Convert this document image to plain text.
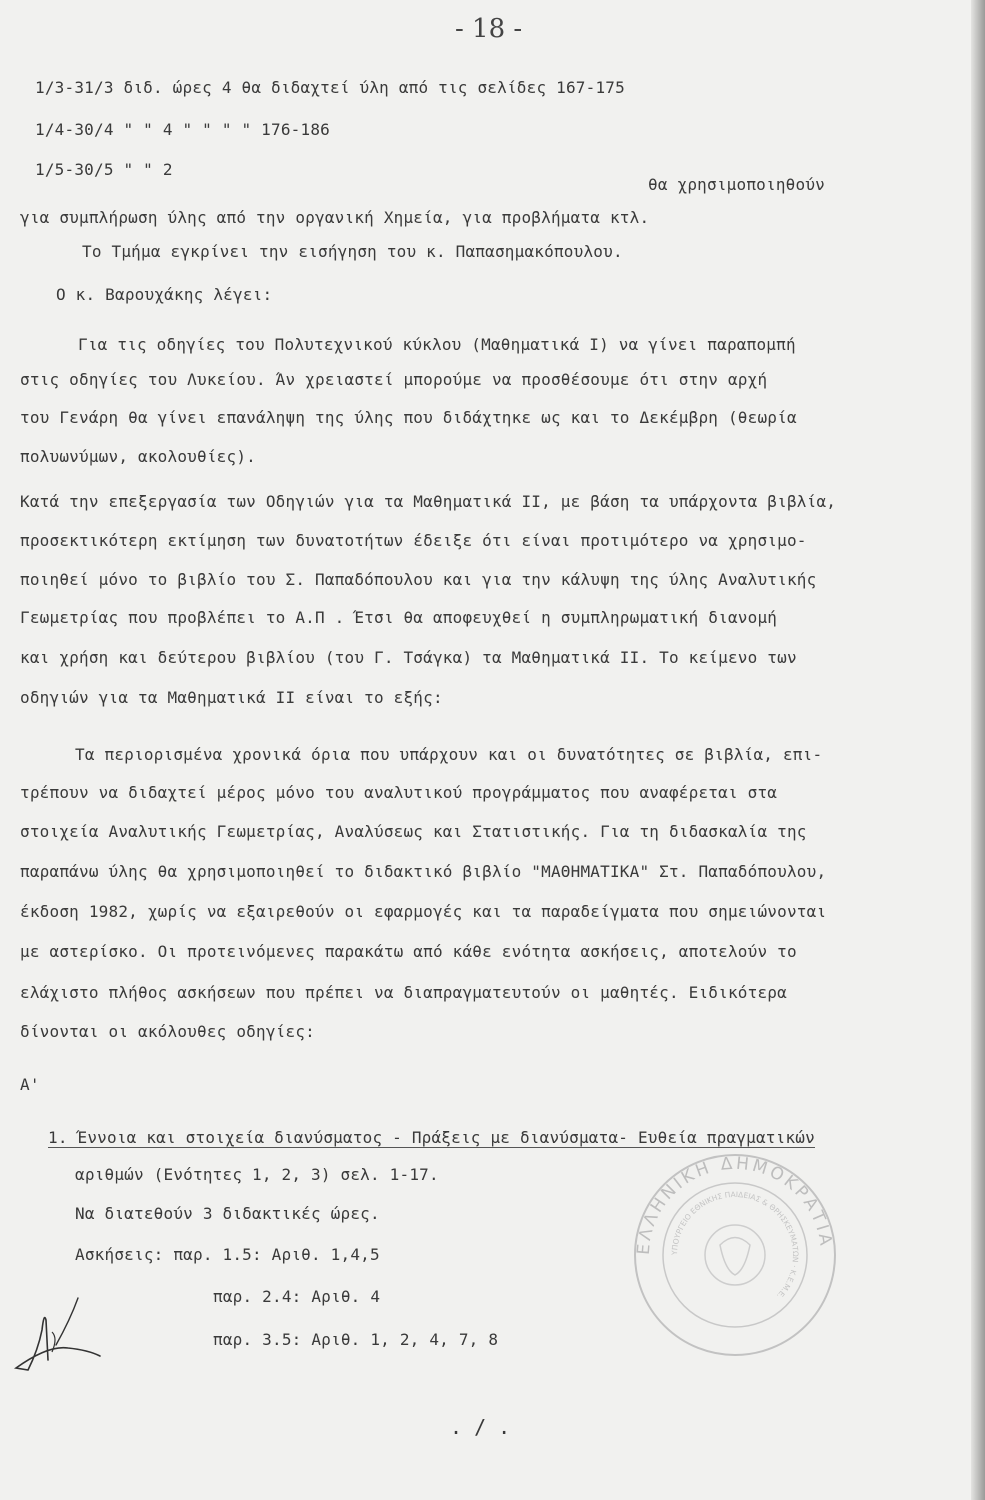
- 18 -
1/3-31/3 διδ. ώρες 4 θα διδαχτεί ύλη από τις σελίδες 167-175
1/4-30/4 " " 4 " " " " 176-186
1/5-30/5 " " 2
θα χρησιμοποιηθούν
για συμπλήρωση ύλης από την οργανική Χημεία, για προβλήματα κτλ.
Το Τμήμα εγκρίνει την εισήγηση του κ. Παπασημακόπουλου.
Ο κ. Βαρουχάκης λέγει:
Για τις οδηγίες του Πολυτεχνικού κύκλου (Μαθηματικά Ι) να γίνει παραπομπή
στις οδηγίες του Λυκείου. Άν χρειαστεί μπορούμε να προσθέσουμε ότι στην αρχή
του Γενάρη θα γίνει επανάληψη της ύλης που διδάχτηκε ως και το Δεκέμβρη (θεωρία
πολυωνύμων, ακολουθίες).
Κατά την επεξεργασία των Οδηγιών για τα Μαθηματικά ΙΙ, με βάση τα υπάρχοντα βιβλία,
προσεκτικότερη εκτίμηση των δυνατοτήτων έδειξε ότι είναι προτιμότερο να χρησιμο-
ποιηθεί μόνο το βιβλίο του Σ. Παπαδόπουλου και για την κάλυψη της ύλης Αναλυτικής
Γεωμετρίας που προβλέπει το Α.Π . Έτσι θα αποφευχθεί η συμπληρωματική διανομή
και χρήση και δεύτερου βιβλίου (του Γ. Τσάγκα) τα Μαθηματικά ΙΙ. Το κείμενο των
οδηγιών για τα Μαθηματικά ΙΙ είναι το εξής:
Τα περιορισμένα χρονικά όρια που υπάρχουν και οι δυνατότητες σε βιβλία, επι-
τρέπουν να διδαχτεί μέρος μόνο του αναλυτικού προγράμματος που αναφέρεται στα
στοιχεία Αναλυτικής Γεωμετρίας, Αναλύσεως και Στατιστικής. Για τη διδασκαλία της
παραπάνω ύλης θα χρησιμοποιηθεί το διδακτικό βιβλίο "ΜΑΘΗΜΑΤΙΚΑ" Στ. Παπαδόπουλου,
έκδοση 1982, χωρίς να εξαιρεθούν οι εφαρμογές και τα παραδείγματα που σημειώνονται
με αστερίσκο. Οι προτεινόμενες παρακάτω από κάθε ενότητα ασκήσεις, αποτελούν το
ελάχιστο πλήθος ασκήσεων που πρέπει να διαπραγματευτούν οι μαθητές. Ειδικότερα
δίνονται οι ακόλουθες οδηγίες:
Α'
1. Έννοια και στοιχεία διανύσματος - Πράξεις με διανύσματα- Ευθεία πραγματικών
αριθμών (Ενότητες 1, 2, 3) σελ. 1-17.
Να διατεθούν 3 διδακτικές ώρες.
Ασκήσεις: παρ. 1.5: Αριθ. 1,4,5
παρ. 2.4: Αριθ. 4
παρ. 3.5: Αριθ. 1, 2, 4, 7, 8
ΕΛΛΗΝΙΚΗ ΔΗΜΟΚΡΑΤΙΑ
ΥΠΟΥΡΓΕΙΟ ΕΘΝΙΚΗΣ ΠΑΙΔΕΙΑΣ & ΘΡΗΣΚΕΥΜΑΤΩΝ · Κ.Ε.Μ.Ε.
. / .
